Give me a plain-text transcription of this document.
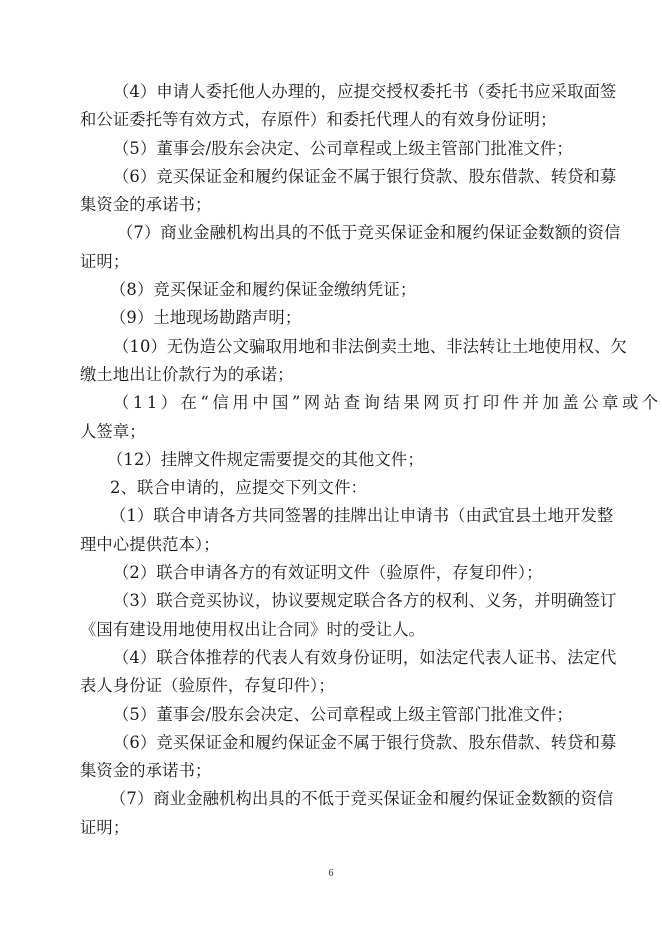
（4）申请人委托他人办理的，应提交授权委托书（委托书应采取面签
和公证委托等有效方式，存原件）和委托代理人的有效身份证明；
（5）董事会/股东会决定、公司章程或上级主管部门批准文件；
（6）竞买保证金和履约保证金不属于银行贷款、股东借款、转贷和募
集资金的承诺书；
（7）商业金融机构出具的不低于竞买保证金和履约保证金数额的资信
证明；
（8）竞买保证金和履约保证金缴纳凭证；
（9）土地现场勘踏声明；
（10）无伪造公文骗取用地和非法倒卖土地、非法转让土地使用权、欠
缴土地出让价款行为的承诺；
（11）在“信用中国”网站查询结果网页打印件并加盖公章或个
人签章；
（12）挂牌文件规定需要提交的其他文件；
2、联合申请的，应提交下列文件：
（1）联合申请各方共同签署的挂牌出让申请书（由武宜县土地开发整
理中心提供范本）；
（2）联合申请各方的有效证明文件（验原件，存复印件）；
（3）联合竞买协议，协议要规定联合各方的权利、义务，并明确签订
《国有建设用地使用权出让合同》时的受让人。
（4）联合体推荐的代表人有效身份证明，如法定代表人证书、法定代
表人身份证（验原件，存复印件）；
（5）董事会/股东会决定、公司章程或上级主管部门批准文件；
（6）竞买保证金和履约保证金不属于银行贷款、股东借款、转贷和募
集资金的承诺书；
（7）商业金融机构出具的不低于竞买保证金和履约保证金数额的资信
证明；
6
